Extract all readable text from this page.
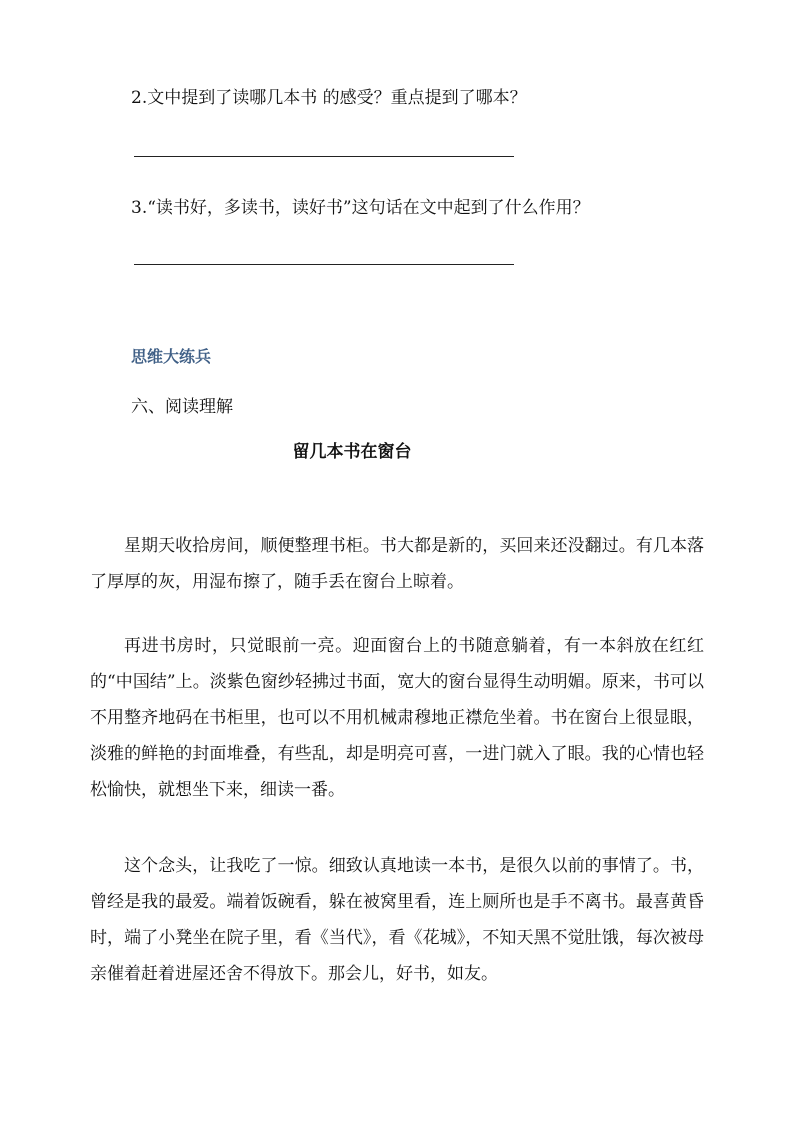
2.文中提到了读哪几本书 的感受？重点提到了哪本？
3.“读书好，多读书，读好书”这句话在文中起到了什么作用？
思维大练兵
六、阅读理解
留几本书在窗台

星期天收拾房间，顺便整理书柜。书大都是新的，买回来还没翻过。有几本落了厚厚的灰，用湿布擦了，随手丢在窗台上晾着。

再进书房时，只觉眼前一亮。迎面窗台上的书随意躺着，有一本斜放在红红的“中国结”上。淡紫色窗纱轻拂过书面，宽大的窗台显得生动明媚。原来，书可以不用整齐地码在书柜里，也可以不用机械肃穆地正襟危坐着。书在窗台上很显眼，淡雅的鲜艳的封面堆叠，有些乱，却是明亮可喜，一进门就入了眼。我的心情也轻松愉快，就想坐下来，细读一番。

这个念头，让我吃了一惊。细致认真地读一本书，是很久以前的事情了。书，曾经是我的最爱。端着饭碗看，躲在被窝里看，连上厕所也是手不离书。最喜黄昏时，端了小凳坐在院子里，看《当代》，看《花城》，不知天黑不觉肚饿，每次被母亲催着赶着进屋还舍不得放下。那会儿，好书，如友。
